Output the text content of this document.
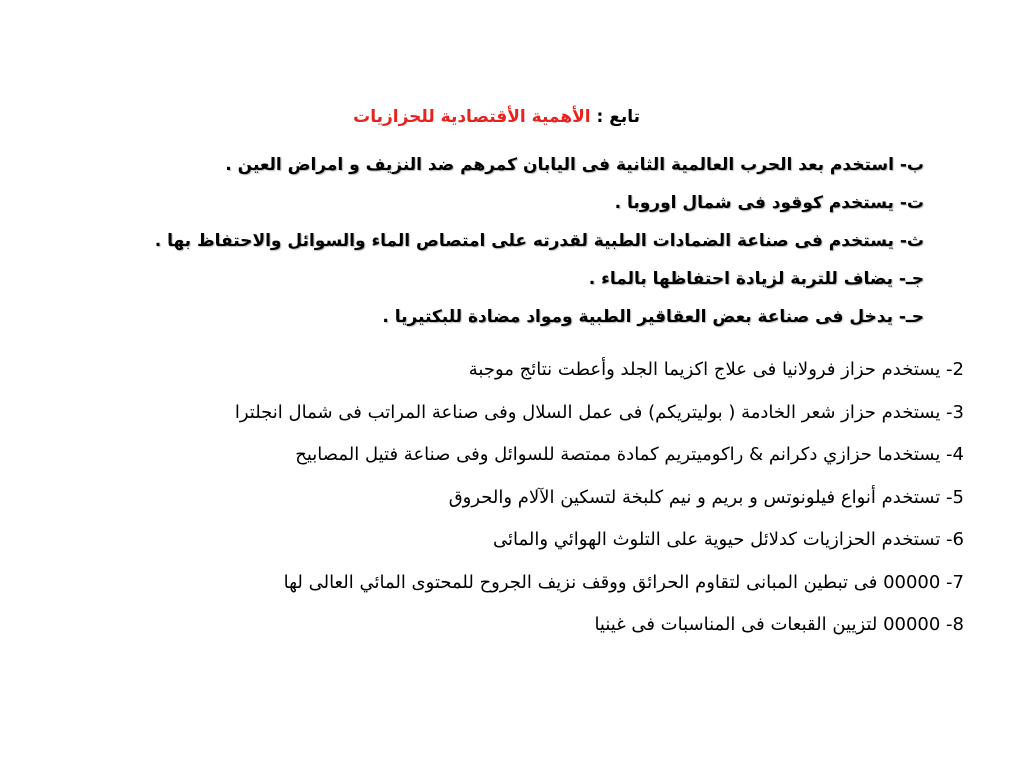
تابع : الأهمية الأقتصادية للحزازيات
ب- استخدم بعد الحرب العالمية الثانية فى اليابان كمرهم ضد النزيف و امراض العين .
ت- يستخدم كوقود فى شمال اوروبا .
ث- يستخدم فى صناعة الضمادات الطبية لقدرته على امتصاص الماء والسوائل والاحتفاظ بها .
جـ- يضاف للتربة لزيادة احتفاظها بالماء .
حـ- يدخل فى صناعة بعض العقاقير الطبية ومواد مضادة للبكتيريا .
2- يستخدم حزاز فرولانيا فى علاج اكزيما الجلد وأعطت نتائج موجبة
3- يستخدم حزاز شعر الخادمة ( بوليتريكم) فى عمل السلال وفى صناعة المراتب فى شمال انجلترا
4- يستخدما حزازي دكرانم & راكوميتريم كمادة ممتصة للسوائل وفى صناعة فتيل المصابيح
5- تستخدم أنواع فيلونوتس و بريم و نيم كلبخة لتسكين الآلام والحروق
6- تستخدم الحزازيات كدلائل حيوية على التلوث الهوائي والمائى
7- 00000 فى تبطين المبانى لتقاوم الحرائق ووقف نزيف الجروح للمحتوى المائي العالى لها
8- 00000 لتزيين القبعات فى المناسبات فى غينيا
